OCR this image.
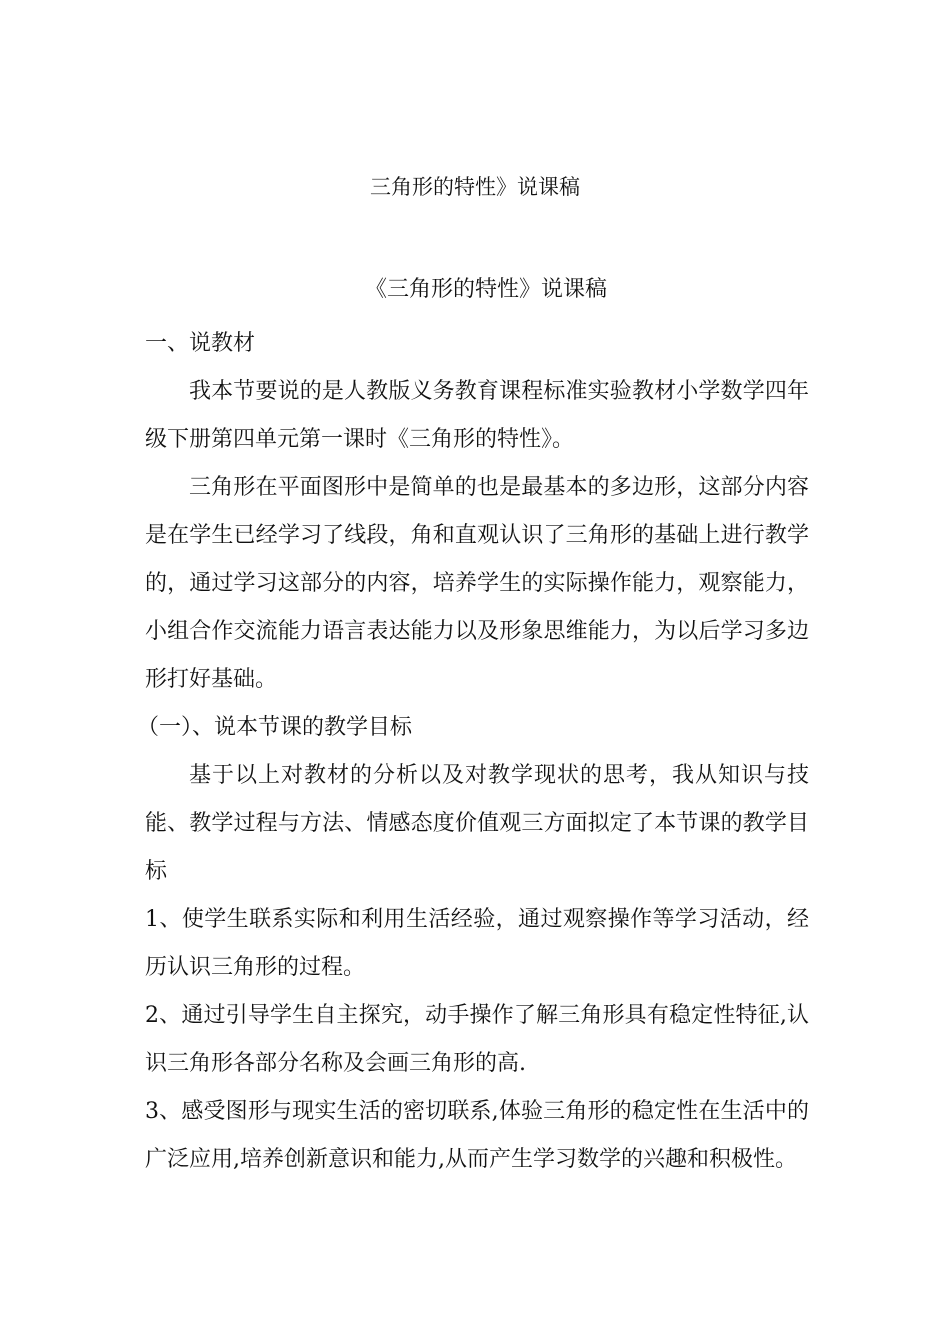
三角形的特性》说课稿

《三角形的特性》说课稿

一、说教材

我本节要说的是人教版义务教育课程标准实验教材小学数学四年级下册第四单元第一课时《三角形的特性》。

三角形在平面图形中是简单的也是最基本的多边形，这部分内容是在学生已经学习了线段，角和直观认识了三角形的基础上进行教学的，通过学习这部分的内容，培养学生的实际操作能力，观察能力，小组合作交流能力语言表达能力以及形象思维能力，为以后学习多边形打好基础。

（一）、说本节课的教学目标

基于以上对教材的分析以及对教学现状的思考，我从知识与技能、教学过程与方法、情感态度价值观三方面拟定了本节课的教学目标

1、使学生联系实际和利用生活经验，通过观察操作等学习活动，经历认识三角形的过程。

2、通过引导学生自主探究，动手操作了解三角形具有稳定性特征,认识三角形各部分名称及会画三角形的高.

3、感受图形与现实生活的密切联系,体验三角形的稳定性在生活中的广泛应用,培养创新意识和能力,从而产生学习数学的兴趣和积极性。
